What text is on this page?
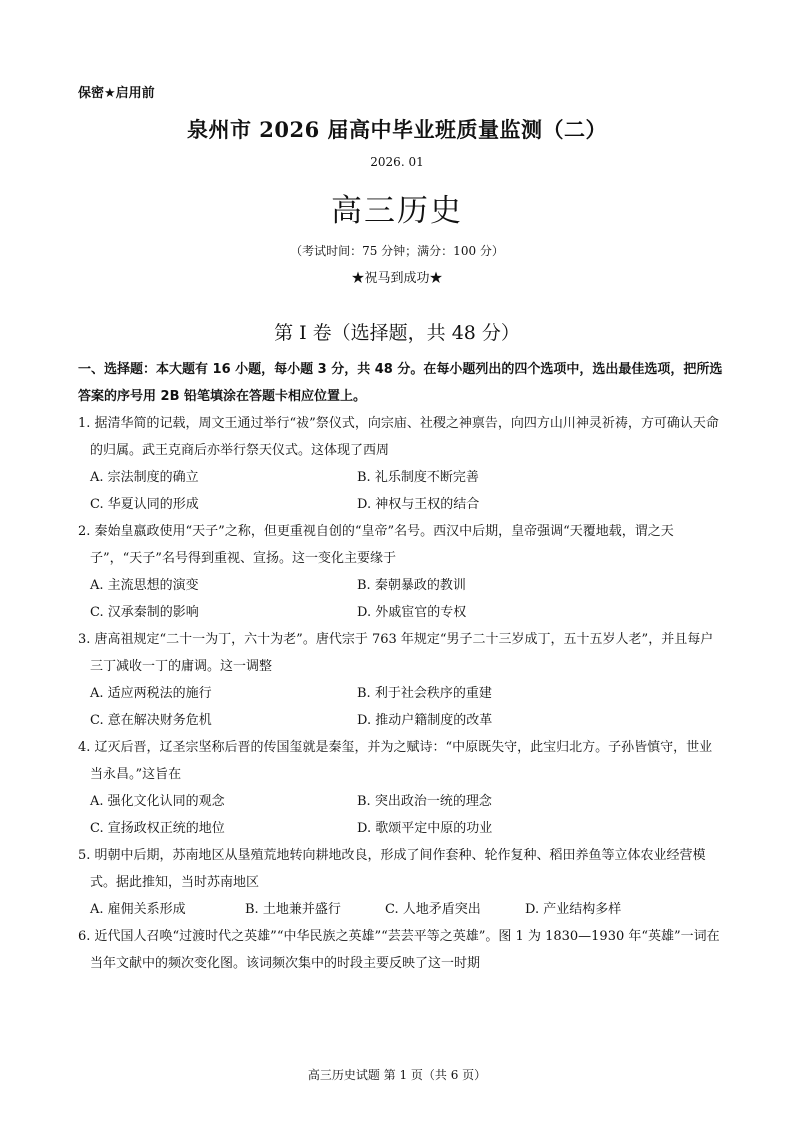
保密★启用前
泉州市 2026 届高中毕业班质量监测（二）
2026. 01
高三历史
（考试时间：75 分钟；满分：100 分）
★祝马到成功★
第 I 卷（选择题，共 48 分）
一、选择题：本大题有 16 小题，每小题 3 分，共 48 分。在每小题列出的四个选项中，选出最佳选项，把所选答案的序号用 2B 铅笔填涂在答题卡相应位置上。
1. 据清华简的记载，周文王通过举行“祓”祭仪式，向宗庙、社稷之神禀告，向四方山川神灵祈祷，方可确认天命的归属。武王克商后亦举行祭天仪式。这体现了西周
A. 宗法制度的确立	B. 礼乐制度不断完善
C. 华夏认同的形成	D. 神权与王权的结合
2. 秦始皇嬴政使用“天子”之称，但更重视自创的“皇帝”名号。西汉中后期，皇帝强调“天覆地载，谓之天子”，“天子”名号得到重视、宣扬。这一变化主要缘于
A. 主流思想的演变	B. 秦朝暴政的教训
C. 汉承秦制的影响	D. 外戚宦官的专权
3. 唐高祖规定“二十一为丁，六十为老”。唐代宗于 763 年规定“男子二十三岁成丁，五十五岁人老”，并且每户三丁减收一丁的庸调。这一调整
A. 适应两税法的施行	B. 利于社会秩序的重建
C. 意在解决财务危机	D. 推动户籍制度的改革
4. 辽灭后晋，辽圣宗坚称后晋的传国玺就是秦玺，并为之赋诗：“中原既失守，此宝归北方。子孙皆慎守，世业当永昌。”这旨在
A. 强化文化认同的观念	B. 突出政治一统的理念
C. 宣扬政权正统的地位	D. 歌颂平定中原的功业
5. 明朝中后期，苏南地区从垦殖荒地转向耕地改良，形成了间作套种、轮作复种、稻田养鱼等立体农业经营模式。据此推知，当时苏南地区
A. 雇佣关系形成	B. 土地兼并盛行	C. 人地矛盾突出	D. 产业结构多样
6. 近代国人召唤“过渡时代之英雄”“中华民族之英雄”“芸芸平等之英雄”。图 1 为 1830—1930 年“英雄”一词在当年文献中的频次变化图。该词频次集中的时段主要反映了这一时期
高三历史试题 第 1 页（共 6 页）
